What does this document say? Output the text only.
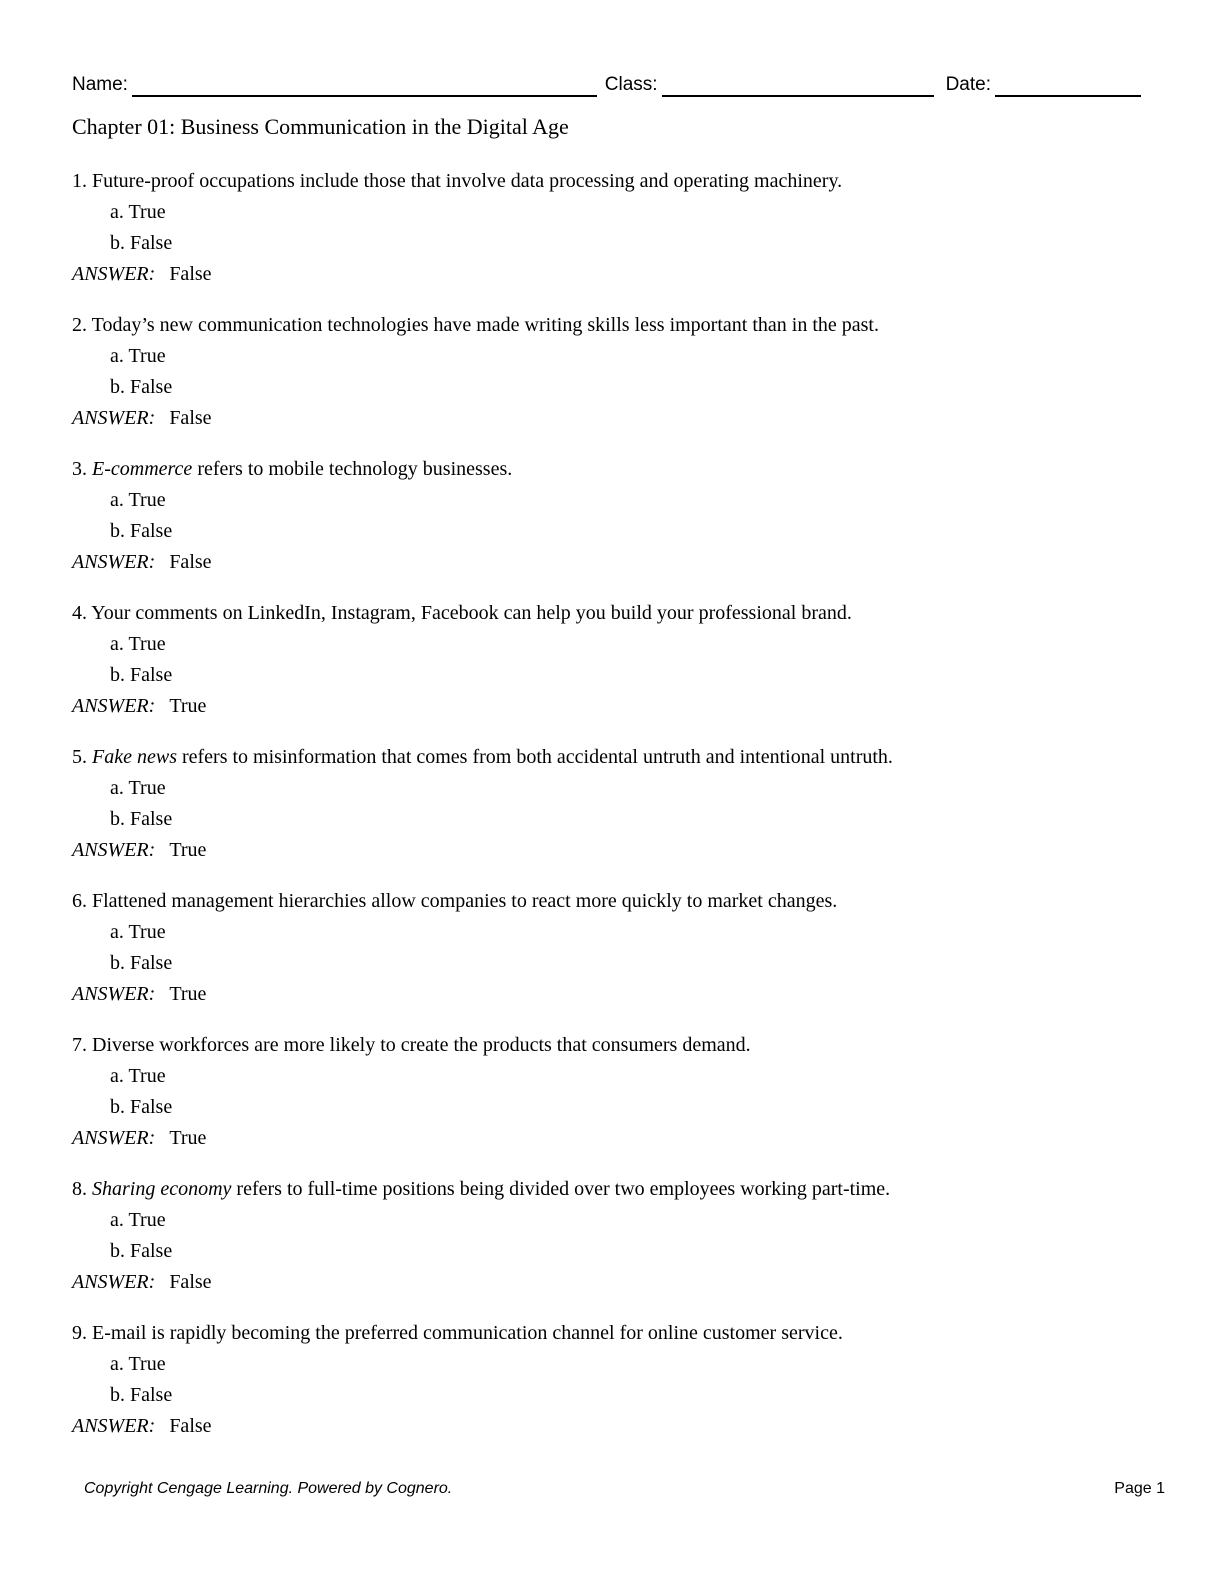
Name:	Class:	Date:
Chapter 01: Business Communication in the Digital Age
1. Future-proof occupations include those that involve data processing and operating machinery.
a. True
b. False
ANSWER: False
2. Today’s new communication technologies have made writing skills less important than in the past.
a. True
b. False
ANSWER: False
3. E-commerce refers to mobile technology businesses.
a. True
b. False
ANSWER: False
4. Your comments on LinkedIn, Instagram, Facebook can help you build your professional brand.
a. True
b. False
ANSWER: True
5. Fake news refers to misinformation that comes from both accidental untruth and intentional untruth.
a. True
b. False
ANSWER: True
6. Flattened management hierarchies allow companies to react more quickly to market changes.
a. True
b. False
ANSWER: True
7. Diverse workforces are more likely to create the products that consumers demand.
a. True
b. False
ANSWER: True
8. Sharing economy refers to full-time positions being divided over two employees working part-time.
a. True
b. False
ANSWER: False
9. E-mail is rapidly becoming the preferred communication channel for online customer service.
a. True
b. False
ANSWER: False
Copyright Cengage Learning. Powered by Cognero.	Page 1
